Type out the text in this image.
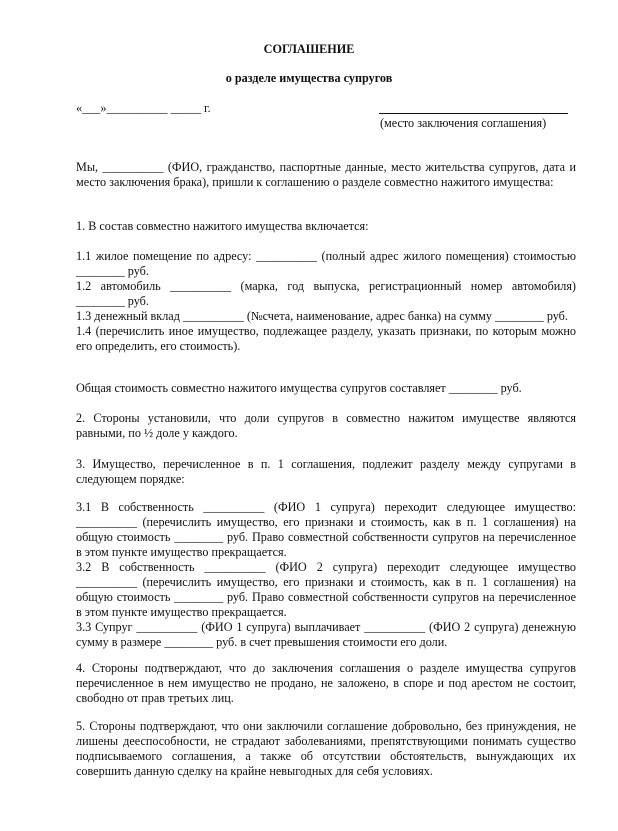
СОГЛАШЕНИЕ
о разделе имущества супругов
«___»__________ _____ г.
(место заключения соглашения)

Мы, __________ (ФИО, гражданство, паспортные данные, место жительства супругов, дата и место заключения брака), пришли к соглашению о разделе совместно нажитого имущества:

1. В состав совместно нажитого имущества включается:

1.1 жилое помещение по адресу: __________ (полный адрес жилого помещения) стоимостью ________ руб.

1.2 автомобиль __________ (марка, год выпуска, регистрационный номер автомобиля) ________ руб.

1.3 денежный вклад __________ (№счета, наименование, адрес банка) на сумму ________ руб.

1.4 (перечислить иное имущество, подлежащее разделу, указать признаки, по которым можно его определить, его стоимость).

Общая стоимость совместно нажитого имущества супругов составляет ________ руб.

2. Стороны установили, что доли супругов в совместно нажитом имуществе являются равными, по ½ доле у каждого.

3. Имущество, перечисленное в п. 1 соглашения, подлежит разделу между супругами в следующем порядке:

3.1 В собственность __________ (ФИО 1 супруга) переходит следующее имущество: __________ (перечислить имущество, его признаки и стоимость, как в п. 1 соглашения) на общую стоимость ________ руб. Право совместной собственности супругов на перечисленное в этом пункте имущество прекращается.

3.2 В собственность __________ (ФИО 2 супруга) переходит следующее имущество __________ (перечислить имущество, его признаки и стоимость, как в п. 1 соглашения) на общую стоимость ________ руб. Право совместной собственности супругов на перечисленное в этом пункте имущество прекращается.

3.3 Супруг __________ (ФИО 1 супруга) выплачивает __________ (ФИО 2 супруга) денежную сумму в размере ________ руб. в счет превышения стоимости его доли.

4. Стороны подтверждают, что до заключения соглашения о разделе имущества супругов перечисленное в нем имущество не продано, не заложено, в споре и под арестом не состоит, свободно от прав третьих лиц.

5. Стороны подтверждают, что они заключили соглашение добровольно, без принуждения, не лишены дееспособности, не страдают заболеваниями, препятствующими понимать существо подписываемого соглашения, а также об отсутствии обстоятельств, вынуждающих их совершить данную сделку на крайне невыгодных для себя условиях.
